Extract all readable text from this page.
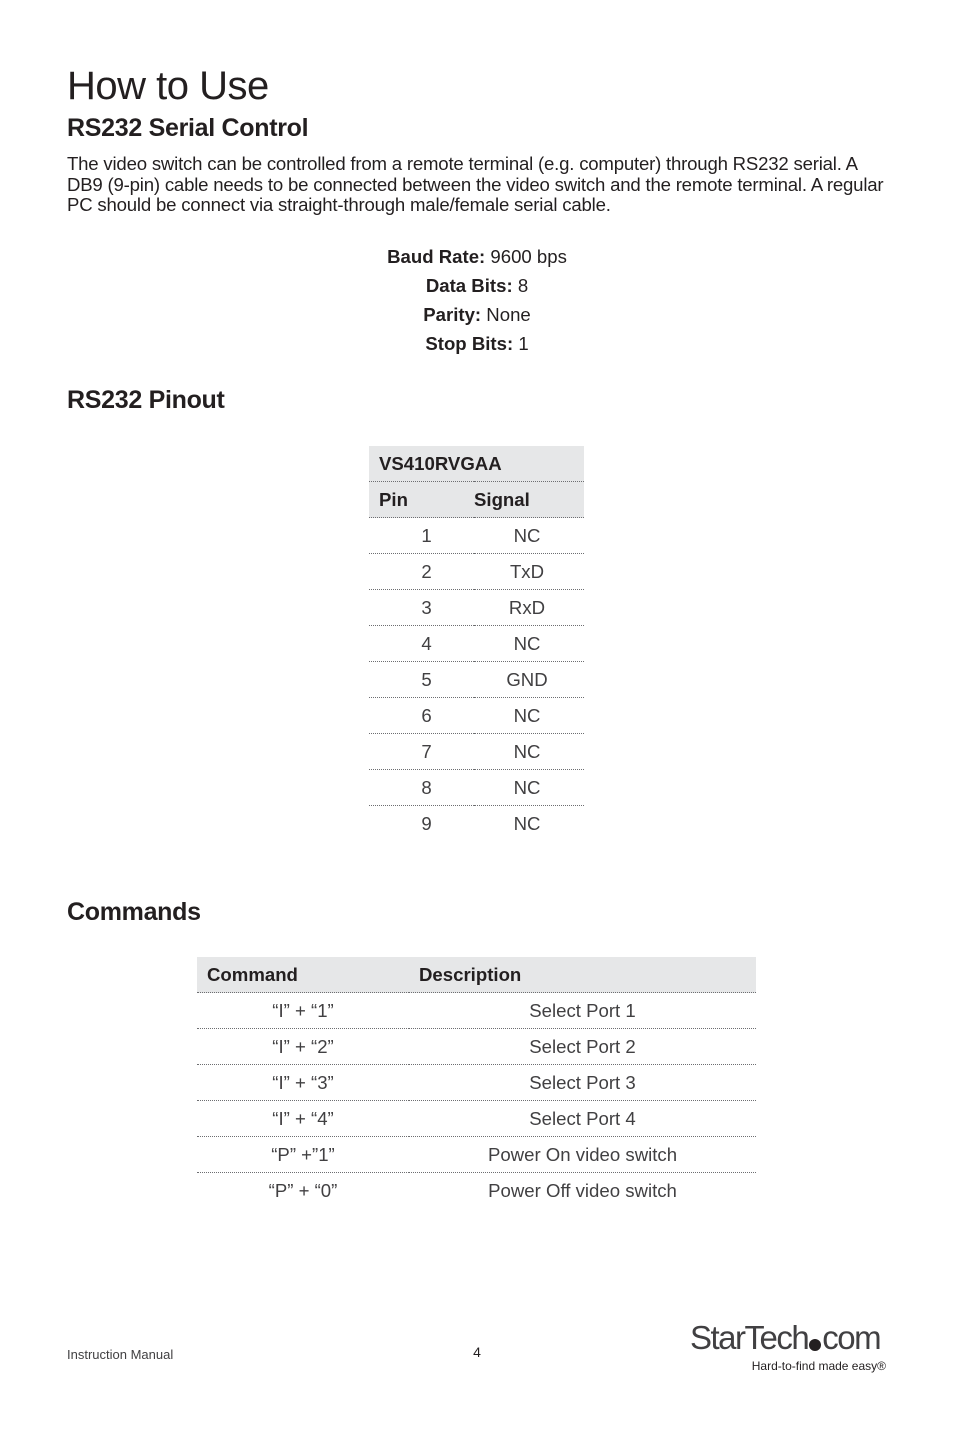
How to Use
RS232 Serial Control

The video switch can be controlled from a remote terminal (e.g. computer) through RS232 serial. A DB9 (9-pin) cable needs to be connected between the video switch and the remote terminal. A regular PC should be connect via straight-through male/female serial cable.

Baud Rate: 9600 bps
Data Bits: 8
Parity: None
Stop Bits: 1
RS232 Pinout
VS410RVGAA	
Pin	Signal
1	NC
2	TxD
3	RxD
4	NC
5	GND
6	NC
7	NC
8	NC
9	NC
Commands
Command	Description
“I” + “1”	Select Port 1
“I” + “2”	Select Port 2
“I” + “3”	Select Port 3
“I” + “4”	Select Port 4
“P” +”1”	Power On video switch
“P” + “0”	Power Off video switch
Instruction Manual	4	StarTech com
Hard-to-find made easy®
